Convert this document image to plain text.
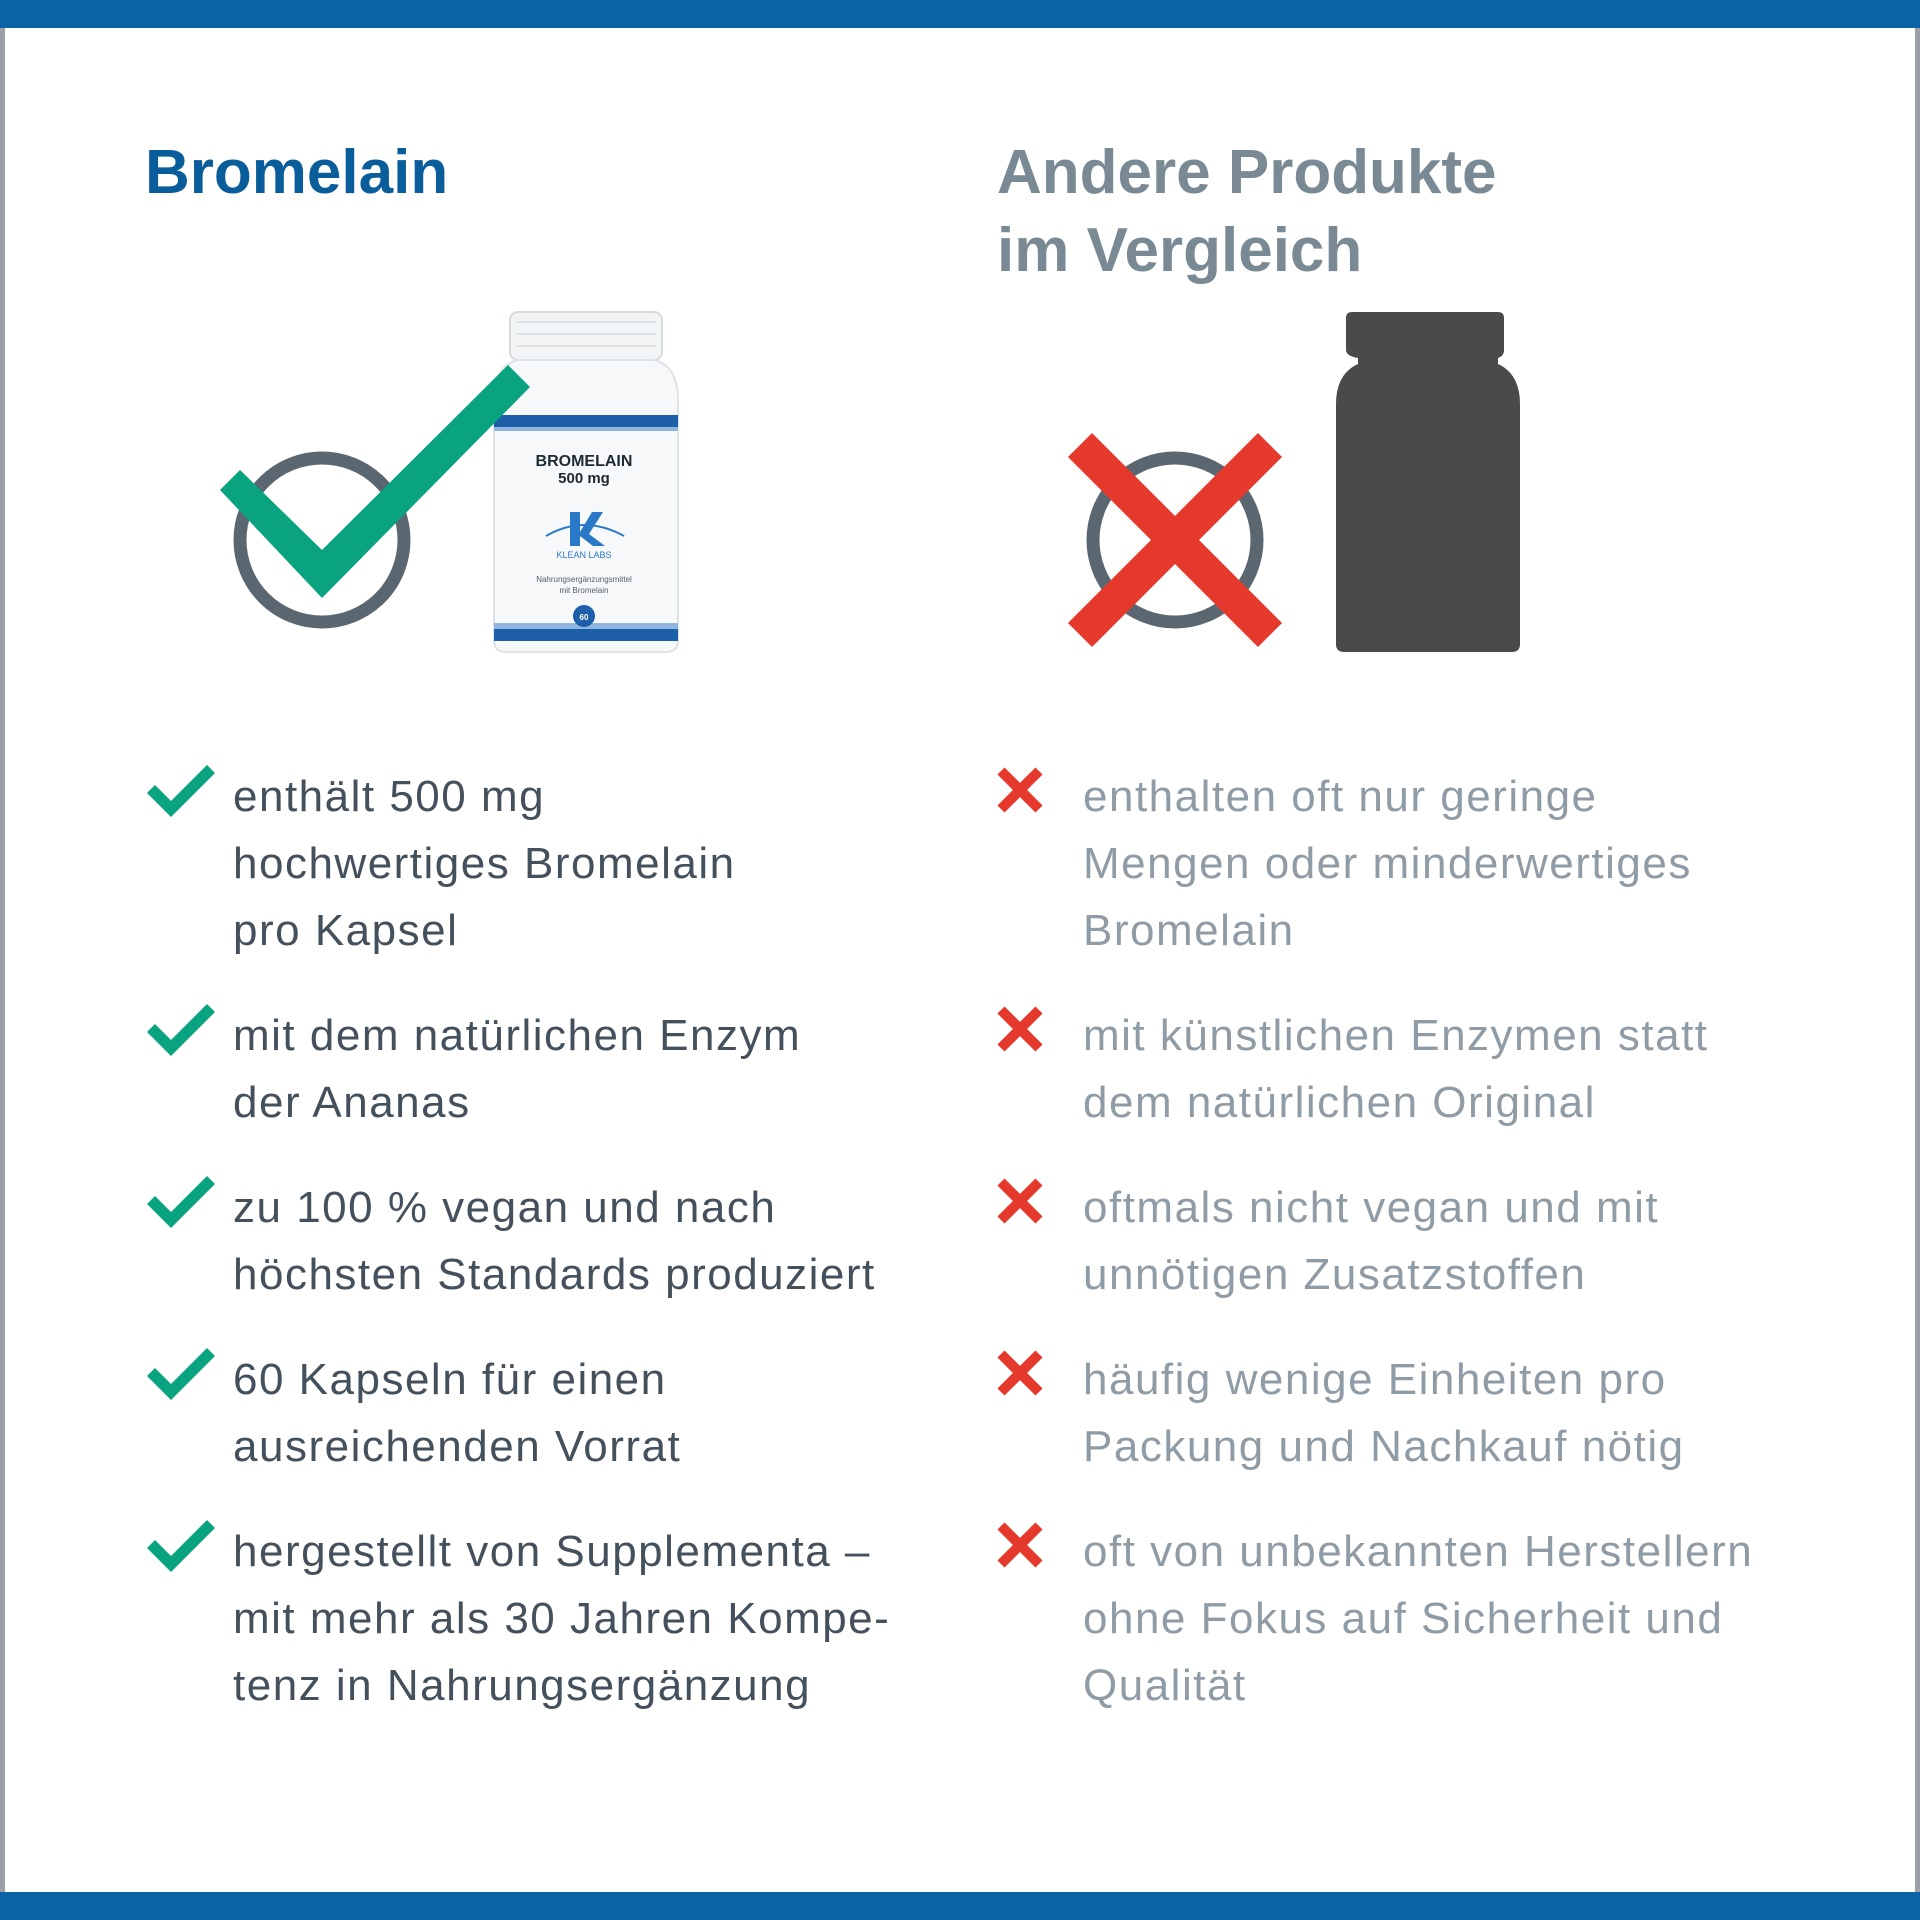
Bromelain	Andere Produkte
im Vergleich
BROMELAIN
500 mg
KLEAN LABS
Nahrungsergänzungsmittel
mit Bromelain
60
enthält 500 mg
hochwertiges Bromelain
pro Kapsel
mit dem natürlichen Enzym
der Ananas
zu 100 % vegan und nach
höchsten Standards produziert
60 Kapseln für einen
ausreichenden Vorrat
hergestellt von Supplementa –
mit mehr als 30 Jahren Kompe-
tenz in Nahrungsergänzung
enthalten oft nur geringe
Mengen oder minderwertiges
Bromelain
mit künstlichen Enzymen statt
dem natürlichen Original
oftmals nicht vegan und mit
unnötigen Zusatzstoffen
häufig wenige Einheiten pro
Packung und Nachkauf nötig
oft von unbekannten Herstellern
ohne Fokus auf Sicherheit und
Qualität
